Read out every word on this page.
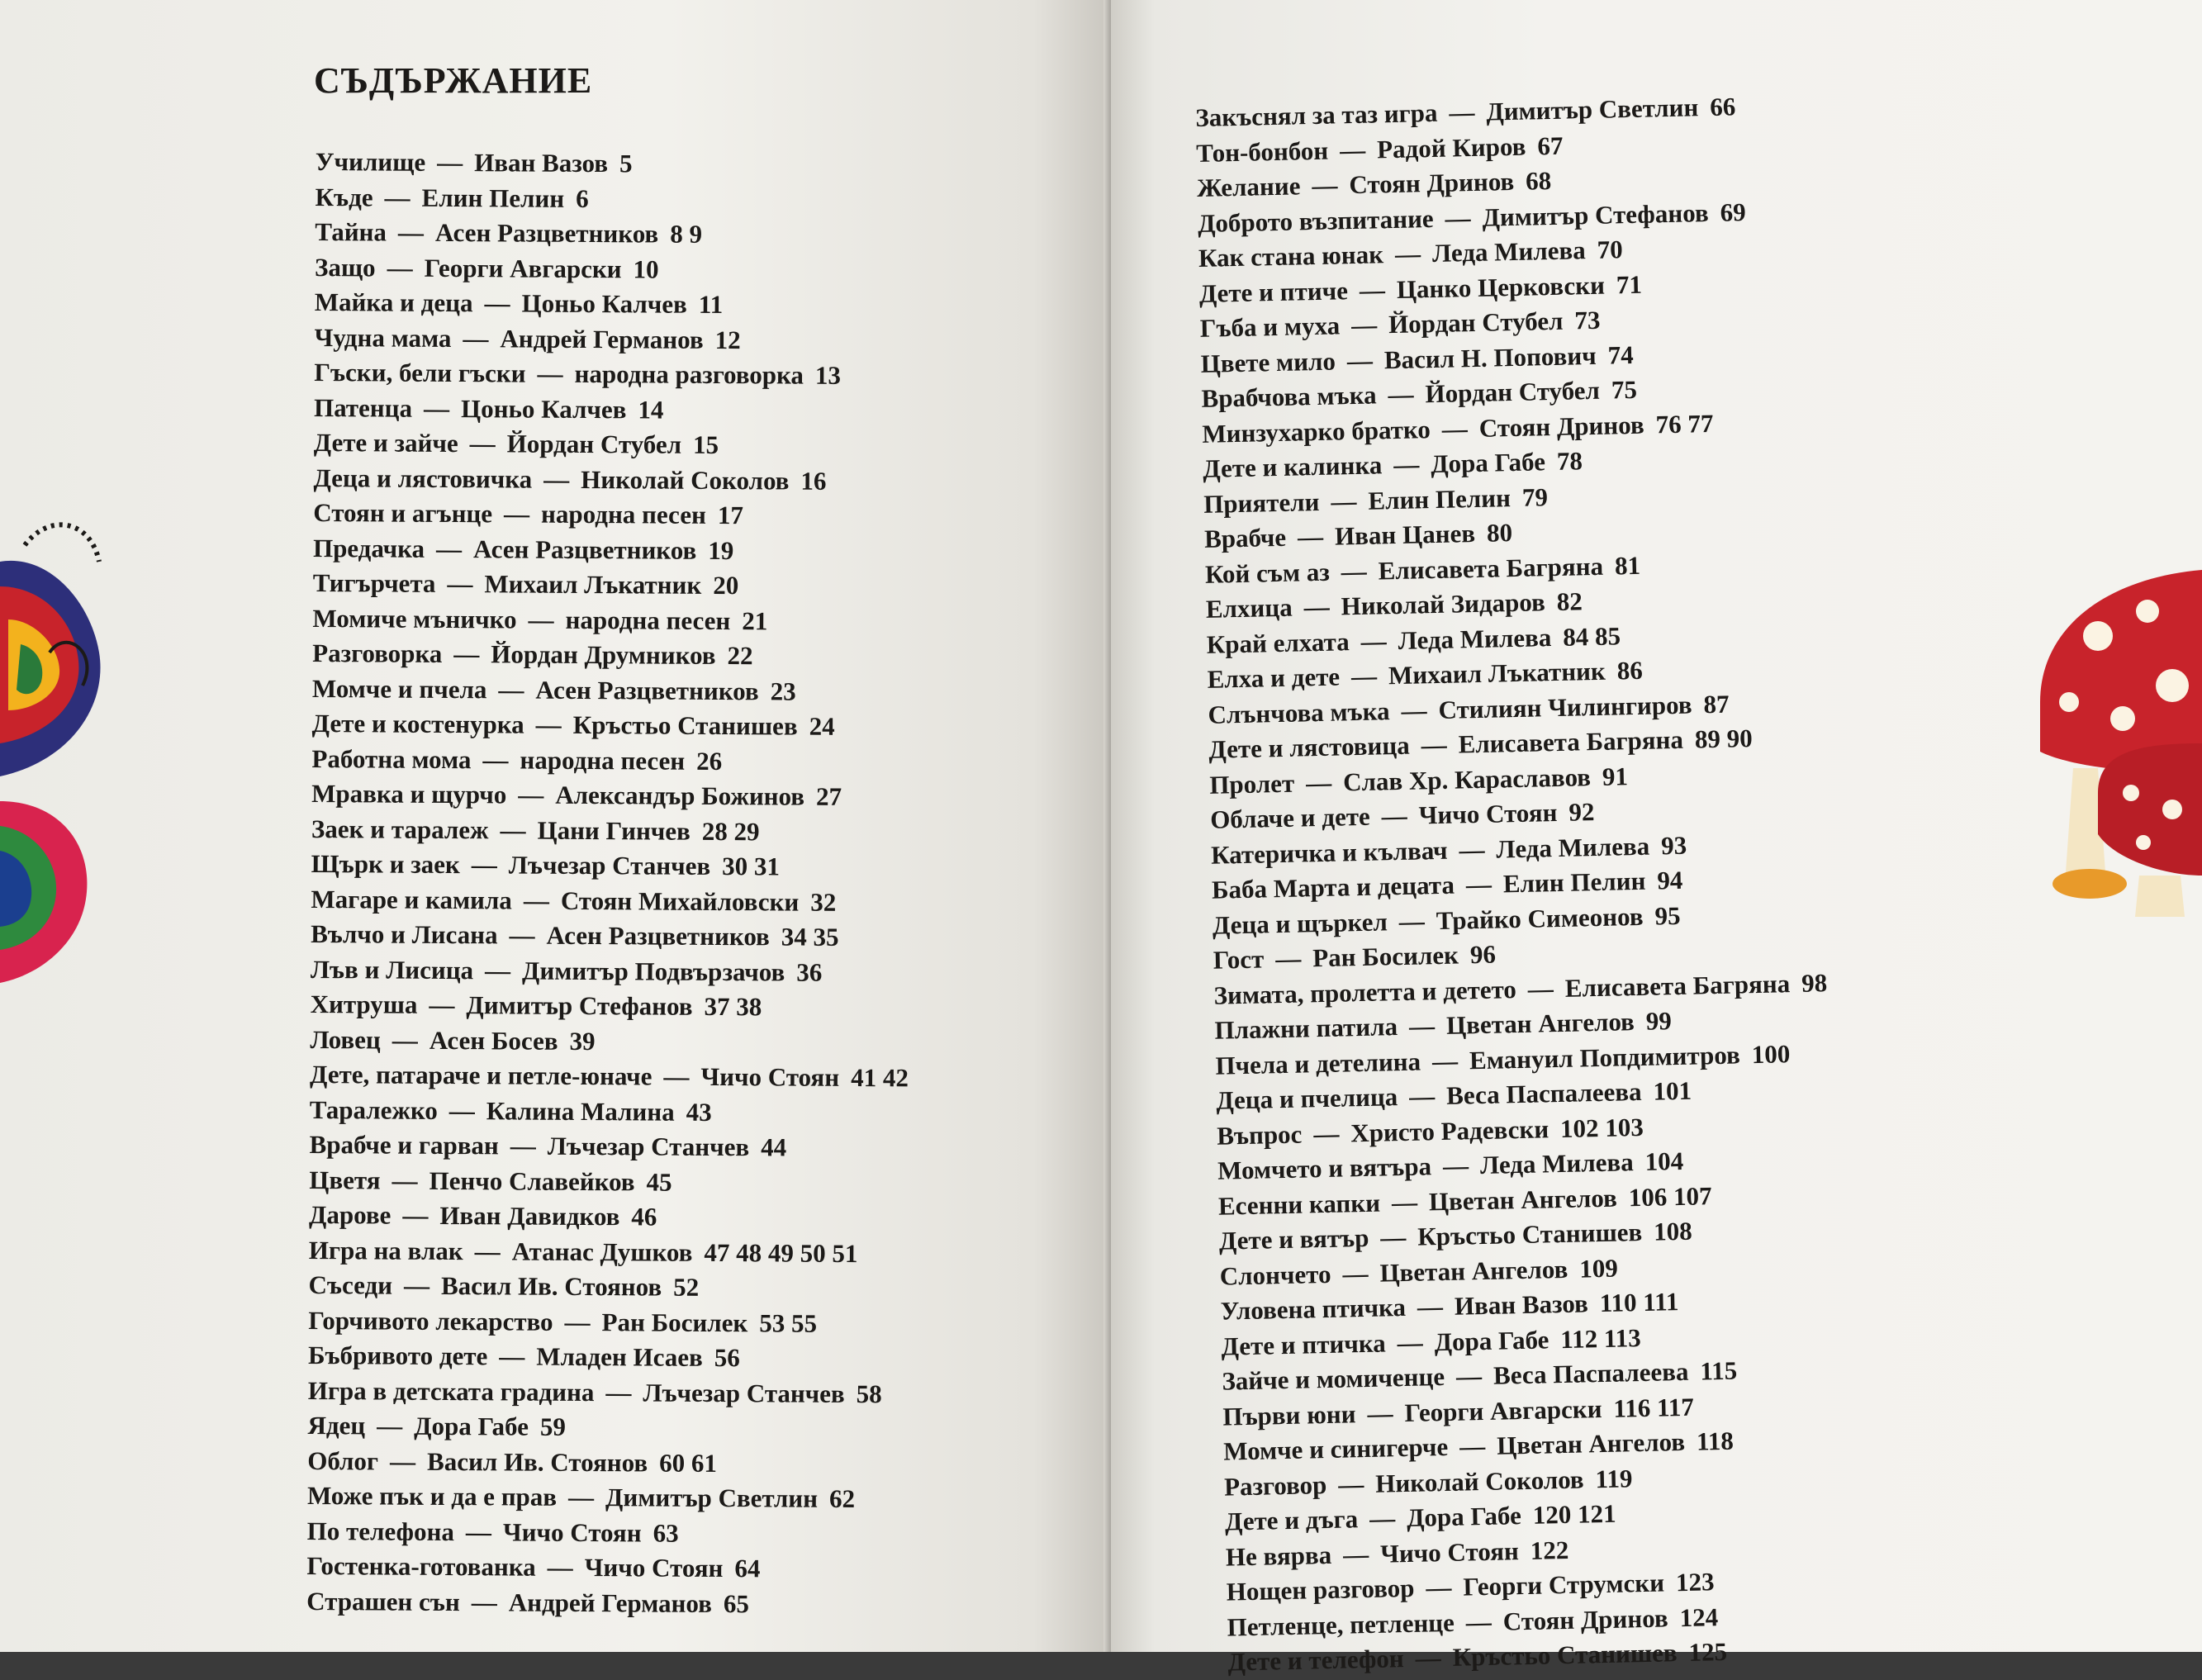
СЪДЪРЖАНИЕ
Училище — Иван Вазов 5
Къде — Елин Пелин 6
Тайна — Асен Разцветников 8 9
Защо — Георги Авгарски 10
Майка и деца — Цоньо Калчев 11
Чудна мама — Андрей Германов 12
Гъски, бели гъски — народна разговорка 13
Патенца — Цоньо Калчев 14
Дете и зайче — Йордан Стубел 15
Деца и лястовичка — Николай Соколов 16
Стоян и агънце — народна песен 17
Предачка — Асен Разцветников 19
Тигърчета — Михаил Лъкатник 20
Момиче мъничко — народна песен 21
Разговорка — Йордан Друмников 22
Момче и пчела — Асен Разцветников 23
Дете и костенурка — Кръстьо Станишев 24
Работна мома — народна песен 26
Мравка и щурчо — Александър Божинов 27
Заек и таралеж — Цани Гинчев 28 29
Щърк и заек — Лъчезар Станчев 30 31
Магаре и камила — Стоян Михайловски 32
Вълчо и Лисана — Асен Разцветников 34 35
Лъв и Лисица — Димитър Подвързачов 36
Хитруша — Димитър Стефанов 37 38
Ловец — Асен Босев 39
Дете, патараче и петле-юначе — Чичо Стоян 41 42
Таралежко — Калина Малина 43
Врабче и гарван — Лъчезар Станчев 44
Цветя — Пенчо Славейков 45
Дарове — Иван Давидков 46
Игра на влак — Атанас Душков 47 48 49 50 51
Съседи — Васил Ив. Стоянов 52
Горчивото лекарство — Ран Босилек 53 55
Бъбривото дете — Младен Исаев 56
Игра в детската градина — Лъчезар Станчев 58
Ядец — Дора Габе 59
Облог — Васил Ив. Стоянов 60 61
Може пък и да е прав — Димитър Светлин 62
По телефона — Чичо Стоян 63
Гостенка-готованка — Чичо Стоян 64
Страшен сън — Андрей Германов 65
Закъснял за таз игра — Димитър Светлин 66
Тон-бонбон — Радой Киров 67
Желание — Стоян Дринов 68
Доброто възпитание — Димитър Стефанов 69
Как стана юнак — Леда Милева 70
Дете и птиче — Цанко Церковски 71
Гъба и муха — Йордан Стубел 73
Цвете мило — Васил Н. Попович 74
Врабчова мъка — Йордан Стубел 75
Минзухарко братко — Стоян Дринов 76 77
Дете и калинка — Дора Габе 78
Приятели — Елин Пелин 79
Врабче — Иван Цанев 80
Кой съм аз — Елисавета Багряна 81
Елхица — Николай Зидаров 82
Край елхата — Леда Милева 84 85
Елха и дете — Михаил Лъкатник 86
Слънчова мъка — Стилиян Чилингиров 87
Дете и лястовица — Елисавета Багряна 89 90
Пролет — Слав Хр. Караславов 91
Облаче и дете — Чичо Стоян 92
Катеричка и кълвач — Леда Милева 93
Баба Марта и децата — Елин Пелин 94
Деца и щъркел — Трайко Симеонов 95
Гост — Ран Босилек 96
Зимата, пролетта и детето — Елисавета Багряна 98
Плажни патила — Цветан Ангелов 99
Пчела и детелина — Емануил Попдимитров 100
Деца и пчелица — Веса Паспалеева 101
Въпрос — Христо Радевски 102 103
Момчето и вятъра — Леда Милева 104
Есенни капки — Цветан Ангелов 106 107
Дете и вятър — Кръстьо Станишев 108
Слончето — Цветан Ангелов 109
Уловена птичка — Иван Вазов 110 111
Дете и птичка — Дора Габе 112 113
Зайче и момиченце — Веса Паспалеева 115
Първи юни — Георги Авгарски 116 117
Момче и синигерче — Цветан Ангелов 118
Разговор — Николай Соколов 119
Дете и дъга — Дора Габе 120 121
Не вярва — Чичо Стоян 122
Нощен разговор — Георги Струмски 123
Петленце, петленце — Стоян Дринов 124
Дете и телефон — Кръстьо Станишев 125
